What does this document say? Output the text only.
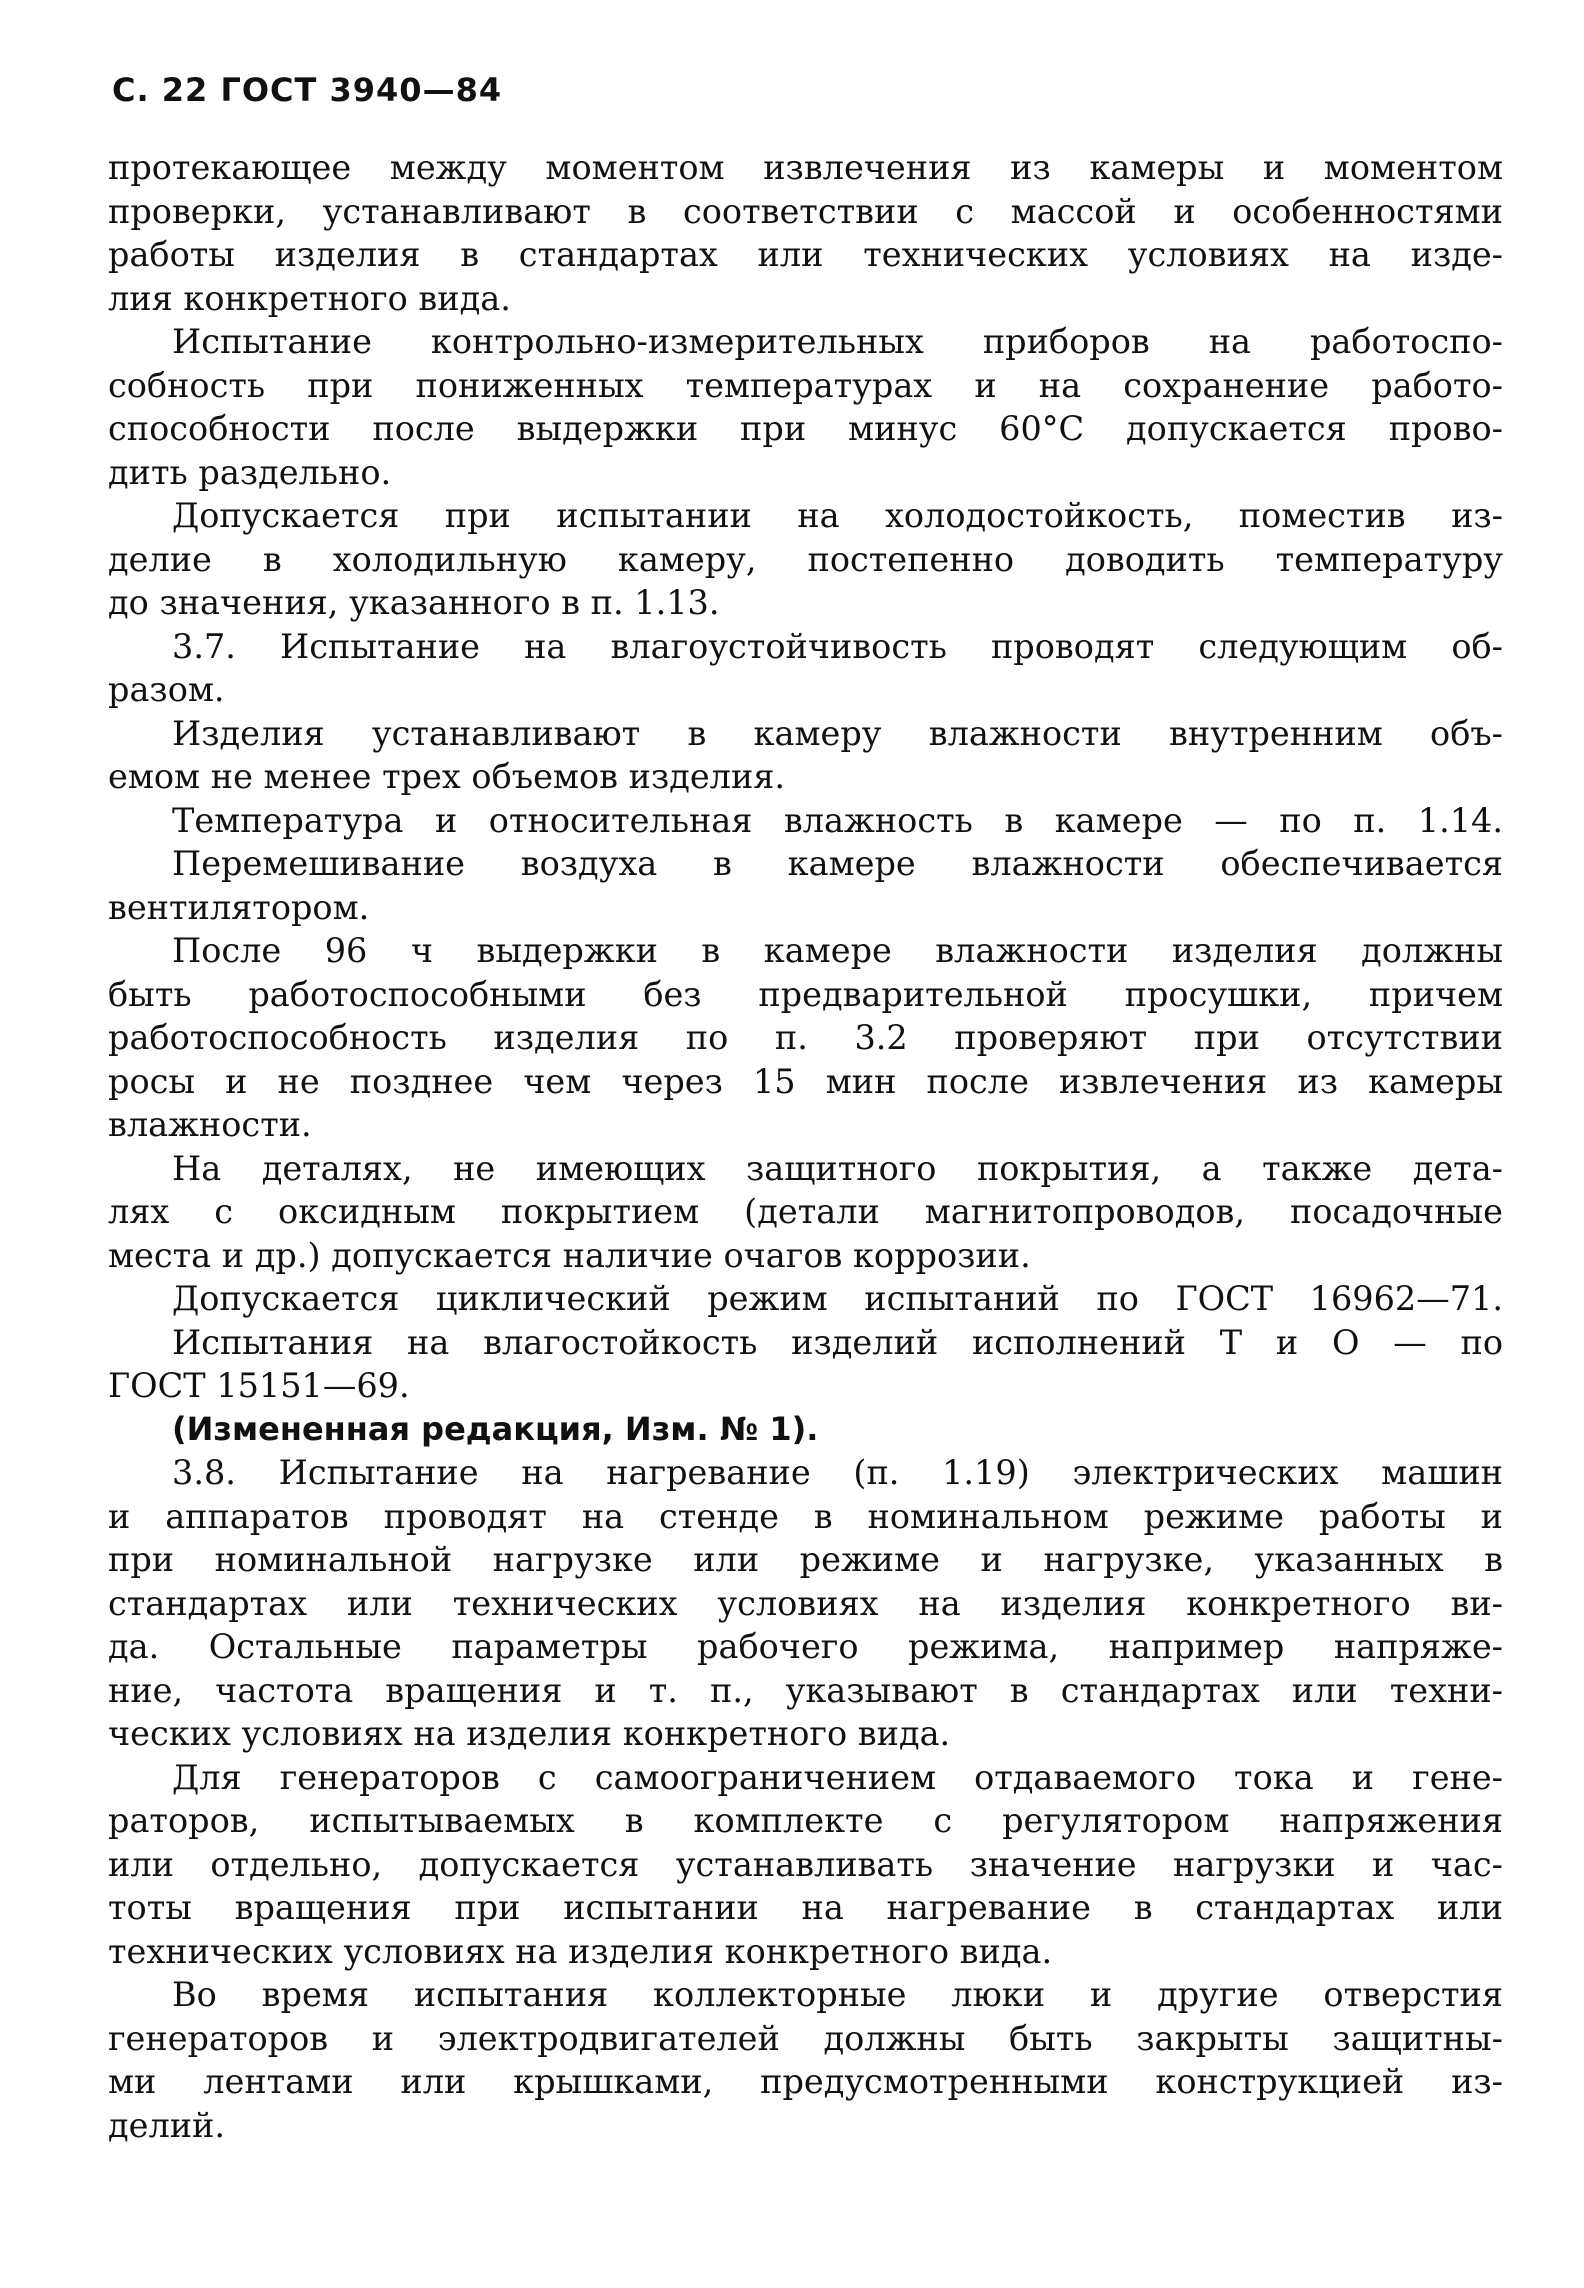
С. 22 ГОСТ 3940—84
протекающее между моментом извлечения из камеры и моментом
проверки, устанавливают в соответствии с массой и особенностями
работы изделия в стандартах или технических условиях на изде-
лия конкретного вида.
Испытание контрольно-измерительных приборов на работоспо-
собность при пониженных температурах и на сохранение работо-
способности после выдержки при минус 60°С допускается прово-
дить раздельно.
Допускается при испытании на холодостойкость, поместив из-
делие в холодильную камеру, постепенно доводить температуру
до значения, указанного в п. 1.13.
3.7. Испытание на влагоустойчивость проводят следующим об-
разом.
Изделия устанавливают в камеру влажности внутренним объ-
емом не менее трех объемов изделия.
Температура и относительная влажность в камере — по п. 1.14.
Перемешивание воздуха в камере влажности обеспечивается
вентилятором.
После 96 ч выдержки в камере влажности изделия должны
быть работоспособными без предварительной просушки, причем
работоспособность изделия по п. 3.2 проверяют при отсутствии
росы и не позднее чем через 15 мин после извлечения из камеры
влажности.
На деталях, не имеющих защитного покрытия, а также дета-
лях с оксидным покрытием (детали магнитопроводов, посадочные
места и др.) допускается наличие очагов коррозии.
Допускается циклический режим испытаний по ГОСТ 16962—71.
Испытания на влагостойкость изделий исполнений Т и О — по
ГОСТ 15151—69.
(Измененная редакция, Изм. № 1).
3.8. Испытание на нагревание (п. 1.19) электрических машин
и аппаратов проводят на стенде в номинальном режиме работы и
при номинальной нагрузке или режиме и нагрузке, указанных в
стандартах или технических условиях на изделия конкретного ви-
да. Остальные параметры рабочего режима, например напряже-
ние, частота вращения и т. п., указывают в стандартах или техни-
ческих условиях на изделия конкретного вида.
Для генераторов с самоограничением отдаваемого тока и гене-
раторов, испытываемых в комплекте с регулятором напряжения
или отдельно, допускается устанавливать значение нагрузки и час-
тоты вращения при испытании на нагревание в стандартах или
технических условиях на изделия конкретного вида.
Во время испытания коллекторные люки и другие отверстия
генераторов и электродвигателей должны быть закрыты защитны-
ми лентами или крышками, предусмотренными конструкцией из-
делий.
